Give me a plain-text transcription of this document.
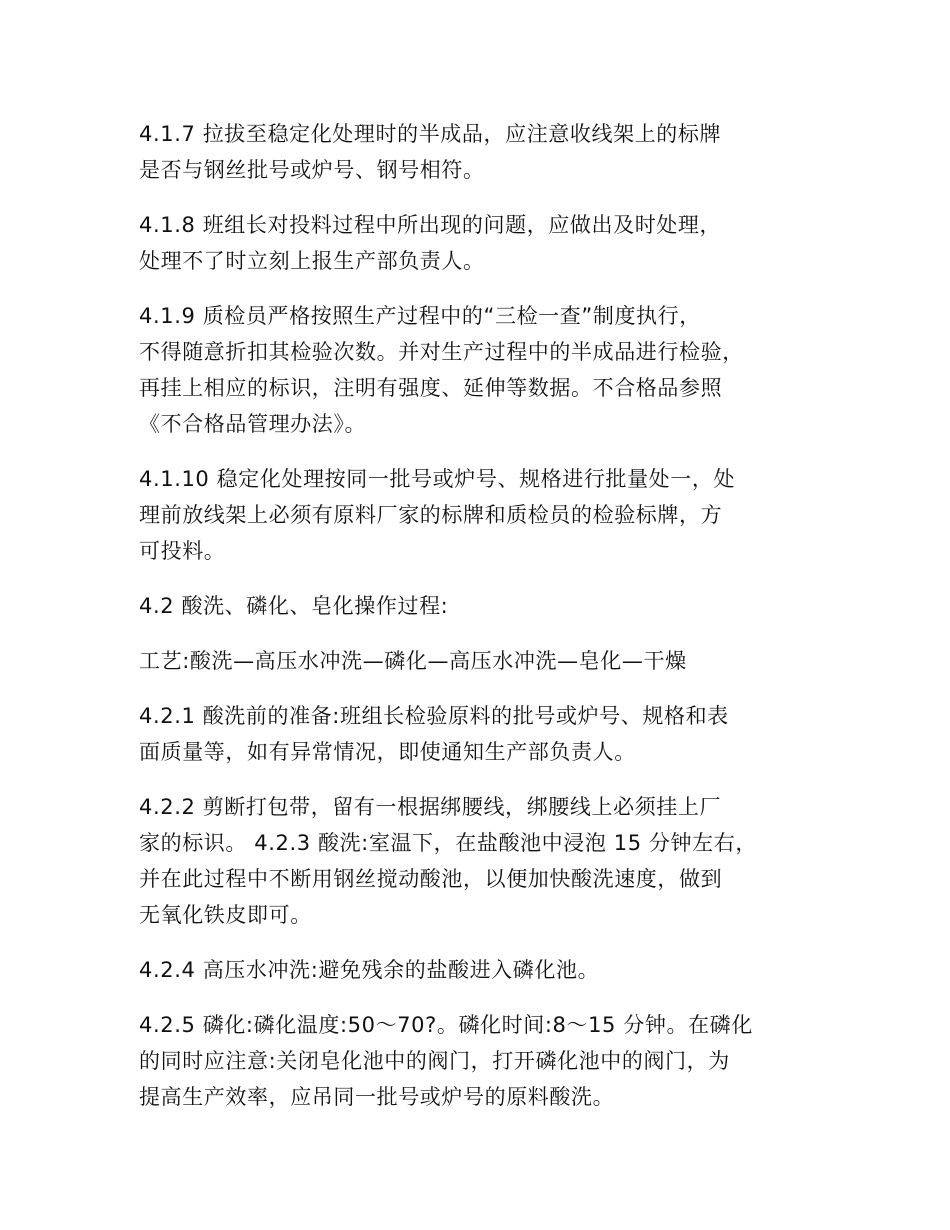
4.1.7 拉拔至稳定化处理时的半成品，应注意收线架上的标牌
是否与钢丝批号或炉号、钢号相符。

4.1.8 班组长对投料过程中所出现的问题，应做出及时处理，
处理不了时立刻上报生产部负责人。

4.1.9 质检员严格按照生产过程中的“三检一查”制度执行，
不得随意折扣其检验次数。并对生产过程中的半成品进行检验，
再挂上相应的标识，注明有强度、延伸等数据。不合格品参照
《不合格品管理办法》。

4.1.10 稳定化处理按同一批号或炉号、规格进行批量处一，处
理前放线架上必须有原料厂家的标牌和质检员的检验标牌，方
可投料。

4.2 酸洗、磷化、皂化操作过程:

工艺:酸洗—高压水冲洗—磷化—高压水冲洗—皂化—干燥

4.2.1 酸洗前的准备:班组长检验原料的批号或炉号、规格和表
面质量等，如有异常情况，即使通知生产部负责人。

4.2.2 剪断打包带，留有一根据绑腰线，绑腰线上必须挂上厂
家的标识。 4.2.3 酸洗:室温下，在盐酸池中浸泡 15 分钟左右，
并在此过程中不断用钢丝搅动酸池，以便加快酸洗速度，做到
无氧化铁皮即可。

4.2.4 高压水冲洗:避免残余的盐酸进入磷化池。

4.2.5 磷化:磷化温度:50～70?。磷化时间:8～15 分钟。在磷化
的同时应注意:关闭皂化池中的阀门，打开磷化池中的阀门，为
提高生产效率，应吊同一批号或炉号的原料酸洗。
